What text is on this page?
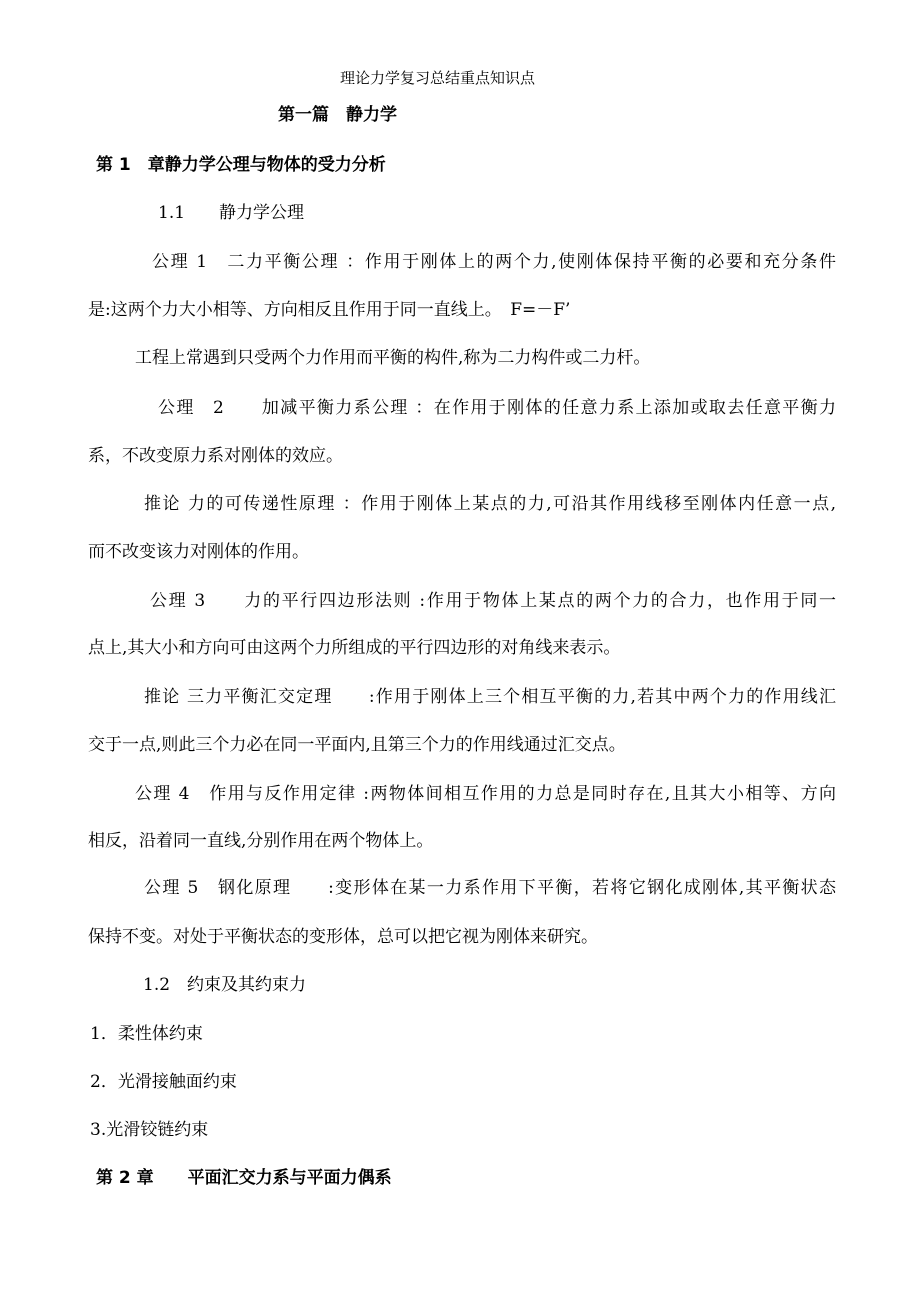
理论力学复习总结重点知识点
第一篇　静力学
第 1　章静力学公理与物体的受力分析
1.1　　静力学公理
公理 1　二力平衡公理 ：作用于刚体上的两个力,使刚体保持平衡的必要和充分条件
是:这两个力大小相等、方向相反且作用于同一直线上。　F=－F’
工程上常遇到只受两个力作用而平衡的构件,称为二力构件或二力杆。
公理　2　　加减平衡力系公理 ：在作用于刚体的任意力系上添加或取去任意平衡力
系，不改变原力系对刚体的效应。
推论 力的可传递性原理 ：作用于刚体上某点的力,可沿其作用线移至刚体内任意一点,
而不改变该力对刚体的作用。
公理 3　　力的平行四边形法则 :作用于物体上某点的两个力的合力，也作用于同一
点上,其大小和方向可由这两个力所组成的平行四边形的对角线来表示。
推论 三力平衡汇交定理　　:作用于刚体上三个相互平衡的力,若其中两个力的作用线汇
交于一点,则此三个力必在同一平面内,且第三个力的作用线通过汇交点。
公理 4　作用与反作用定律 :两物体间相互作用的力总是同时存在,且其大小相等、方向
相反，沿着同一直线,分别作用在两个物体上。
公理 5　钢化原理　　:变形体在某一力系作用下平衡，若将它钢化成刚体,其平衡状态
保持不变。对处于平衡状态的变形体，总可以把它视为刚体来研究。
1.2　约束及其约束力
1．柔性体约束
2．光滑接触面约束
3.光滑铰链约束
第 2 章　　平面汇交力系与平面力偶系
